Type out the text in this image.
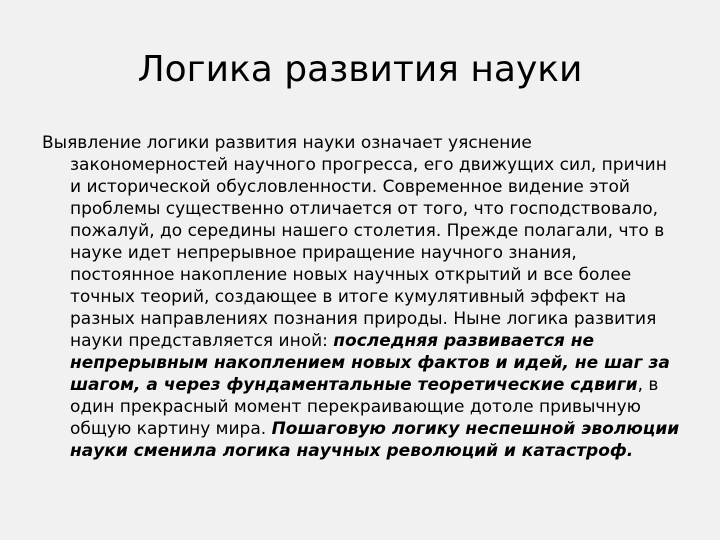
Логика развития науки

Выявление логики развития науки означает уяснение закономерностей научного прогресса, его движущих сил, причин и исторической обусловленности. Современное видение этой проблемы существенно отличается от того, что господствовало, пожалуй, до середины нашего столетия. Прежде полагали, что в науке идет непрерывное приращение научного знания, постоянное накопление новых научных открытий и все более точных теорий, создающее в итоге кумулятивный эффект на разных направлениях познания природы. Ныне логика развития науки представляется иной: последняя развивается не непрерывным накоплением новых фактов и идей, не шаг за шагом, а через фундаментальные теоретические сдвиги, в один прекрасный момент перекраивающие дотоле привычную общую картину мира. Пошаговую логику неспешной эволюции науки сменила логика научных революций и катастроф.
